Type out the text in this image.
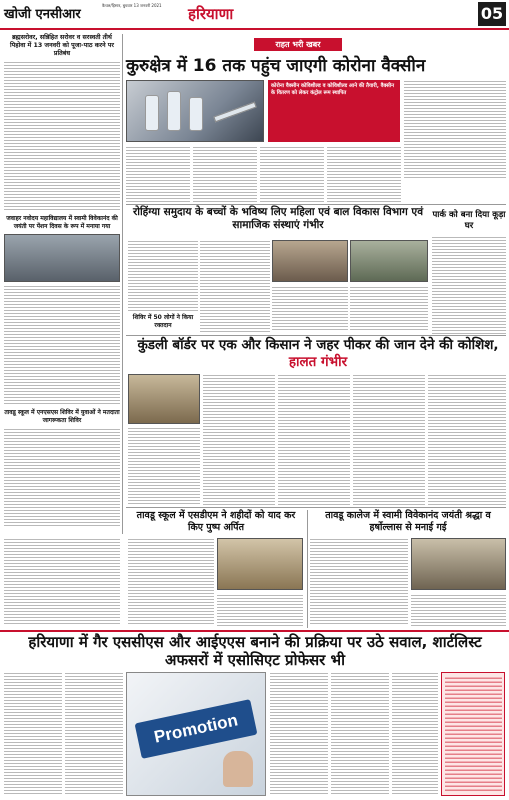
खोजी एनसीआर
कैथल/हिसार, बुधवार 13 जनवरी 2021	हरियाणा	05
ब्रह्मसरोवर, सन्निहित सरोवर व सरस्वती तीर्थ पिहोवा में 13 जनवरी को पूजा-पाठ करने पर प्रतिबंध
जवाहर नवोदय महाविद्यालय में स्वामी विवेकानंद की जयंती पर पेंशन दिवस के रूप में मनाया गया
तावडू स्कूल में एनएसएस शिविर में युवाओं ने मतदाता जागरूकता शिविर
राहत भरी खबर
कुरुक्षेत्र में 16 तक पहुंच जाएगी कोरोना वैक्सीन
कोरोना वैक्सीन कोविशील्ड व कोविशील्ड आने की तैयारी, वैक्सीन के वितरण को लेकर कंट्रोल रूम स्थापित
रोहिंग्या समुदाय के बच्चों के भविष्य लिए महिला एवं बाल विकास विभाग एवं सामाजिक संस्थाएं गंभीर
पार्क को बना दिया कूड़ा घर
शिविर में 50 लोगों ने किया रक्तदान
कुंडली बॉर्डर पर एक और किसान ने जहर पीकर की जान देने की कोशिश, हालत गंभीर
तावडू स्कूल में एसडीएम ने शहीदों को याद कर किए पुष्प अर्पित
तावडू कालेज में स्वामी विवेकानंद जयंती श्रद्धा व हर्षोल्लास से मनाई गई
हरियाणा में गैर एससीएस और आईएएस बनाने की प्रक्रिया पर उठे सवाल, शार्टलिस्ट अफसरों में एसोसिएट प्रोफेसर भी
Promotion
